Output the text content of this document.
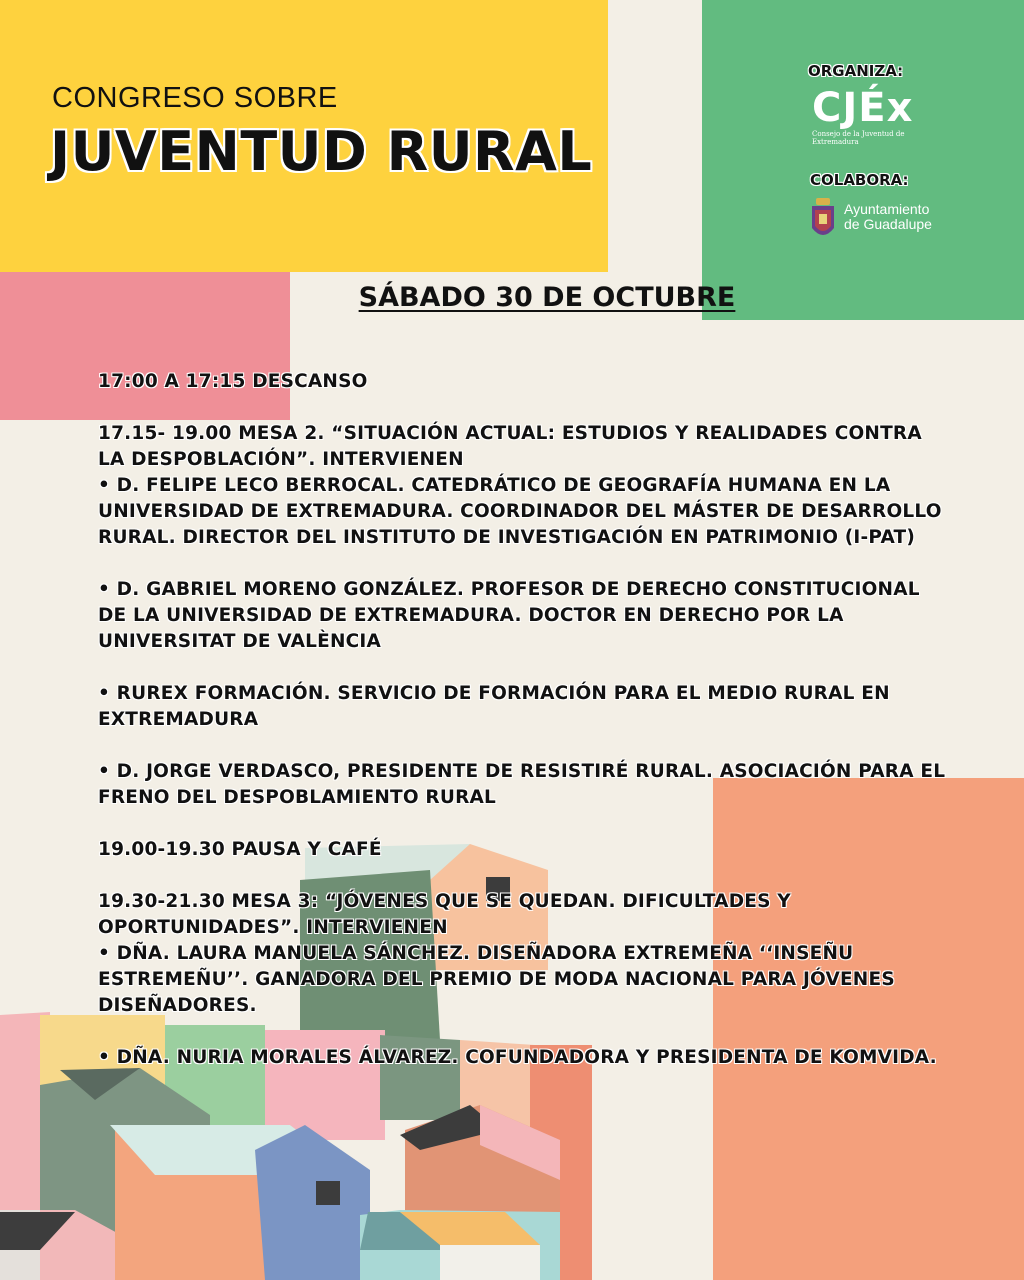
CONGRESO SOBRE
JUVENTUD RURAL
ORGANIZA:
CJÉx
Consejo de la Juventud de Extremadura
COLABORA:
Ayuntamiento
de Guadalupe
SÁBADO 30 DE OCTUBRE

17:00 A 17:15 DESCANSO

17.15- 19.00 MESA 2. “SITUACIÓN ACTUAL: ESTUDIOS Y REALIDADES CONTRA LA DESPOBLACIÓN”. INTERVIENEN
• D. FELIPE LECO BERROCAL. CATEDRÁTICO DE GEOGRAFÍA HUMANA EN LA UNIVERSIDAD DE EXTREMADURA. COORDINADOR DEL MÁSTER DE DESARROLLO RURAL. DIRECTOR DEL INSTITUTO DE INVESTIGACIÓN EN PATRIMONIO (I-PAT)

• D. GABRIEL MORENO GONZÁLEZ. PROFESOR DE DERECHO CONSTITUCIONAL DE LA UNIVERSIDAD DE EXTREMADURA. DOCTOR EN DERECHO POR LA UNIVERSITAT DE VALÈNCIA

• RUREX FORMACIÓN. SERVICIO DE FORMACIÓN PARA EL MEDIO RURAL EN EXTREMADURA

• D. JORGE VERDASCO, PRESIDENTE DE RESISTIRÉ RURAL. ASOCIACIÓN PARA EL FRENO DEL DESPOBLAMIENTO RURAL

19.00-19.30 PAUSA Y CAFÉ

19.30-21.30 MESA 3: “JÓVENES QUE SE QUEDAN. DIFICULTADES Y OPORTUNIDADES”. INTERVIENEN
• DÑA. LAURA MANUELA SÁNCHEZ. DISEÑADORA EXTREMEÑA ‘‘INSEÑU ESTREMEÑU’’. GANADORA DEL PREMIO DE MODA NACIONAL PARA JÓVENES DISEÑADORES.

• DÑA. NURIA MORALES ÁLVAREZ. COFUNDADORA Y PRESIDENTA DE KOMVIDA.
